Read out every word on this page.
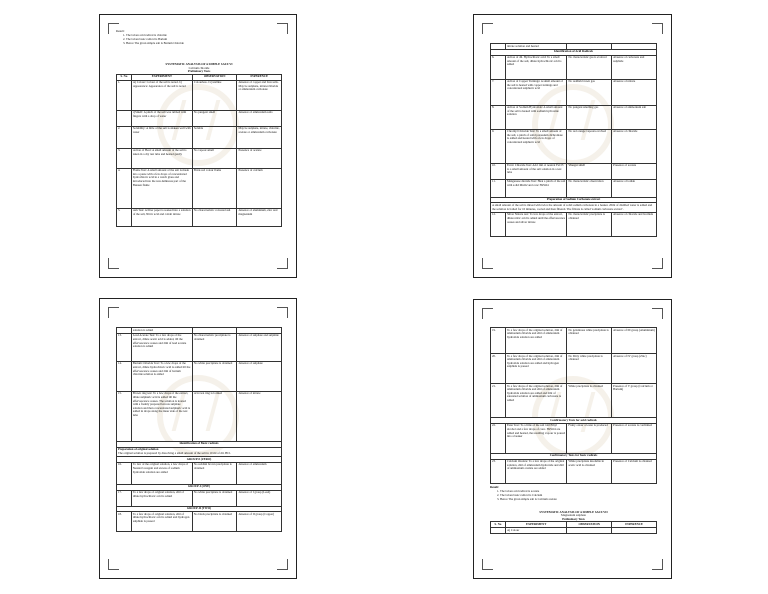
Result:
1. The Given acid radical is chloride
2. The Given basic radical is Barium
3. Hence The given simple salt is Barium Chloride
SYSTEMATIC ANALYSIS OF A SIMPLE SALT-VI
Calcium chloride
Preliminary Tests
S. No	EXPERIMENT	OBSERVATION	INFERENCE
1.	A) Colour: Colour of the salt is noted. b) Appearance: Appearance of the salt is noted	Colourless. Crystalline	Absence of copper and Iron salts. May be sulphate, nitrate/chloride or ammonium carbonate
	c)Smell: A pinch of the salt was rubbed with fingers with a drop of water	No pungent smell	Absence of ammonium salts
2.	Solubility: A little of the salt is shaken well with water	Soluble	May be sulphate, nitrate, chloride, acetate or ammonium carbonate
3.	Action of Heat: A small amount of the salt is taken in a dry test tube and heated gently	No vapour smell	Presence of acetate
4.	Flame Test: A small amount of the salt is made into a paste with a few drops of concentrated hydrochloric acid in a watch glass and introduced into the non-luminous part of the Bunsen flame	Brick red colour flame	Presence of calcium
5.	Ash Test: A filter paper is soaked into a solution of the salt, Nitric acid and cobalt nitrate	No characteristic coloured ash	Absence of aluminium, zinc and magnesium
	nitrate solution and heated		
Identification of Acid Radicals			
6.	Action of dil. Hydrochloric acid: To a small amount of the salt, dilute hydrochloric acid is added	No characteristic gas is evolved	Absence of carbonate and sulphide
7.	Action of Copper Turnings: A small amount of the salt is heated with copper turnings and concentrated sulphuric acid	No reddish brown gas	Absence of nitrate
8.	Action of Sodium Hydroxide: A small amount of the salt is heated with sodium hydroxide solution	No pungent smelling gas	Absence of ammonium salt
9.	Chromyl Chloride Test: To a small amount of the salt, a pinch of solid potassium dichromate is added and heated with a few drops of concentrated sulphuric acid	No red orange vapours evolved	Absence of chloride
10.	Ferric Chloride Test: Add 1ml of neutral FeCl3 to a small amount of the salt solution in a test tube	Vinegar smell	Presence of acetate
11.	Manganese dioxide Test: Heat a pinch of the salt with solid MnO2 and conc H2SO4	No characteristic observation	Absence of iodide
Preparation of Sodium Carbonate extract			
A small amount of the salt is mixed with twice the amount of solid sodium carbonate in a beaker. 20ml of distilled water is added and the solution is boiled for 10 minutes, cooled and then filtered. The filtrate is called 'sodium carbonate extract'.			
12.	Silver Nitrate test: To few drops of the extract, dilute nitric acid is added until the effervescence ceases and silver nitrate	No characteristic precipitate is obtained	Absence of chloride and bromide
	solution is added		
13.	Lead Acetate Test: To a few drops of the extract, dilute acetic acid is added, till the effervescence ceases and 2ml of lead acetate solution is added	No characteristic precipitate is obtained	Absence of sulphate and sulphide
14.	Barium Chloride Test: To a few drops of the extract, dilute hydrochloric acid is added till the effervescence ceases and 2ml of barium chloride solution is added	No white precipitate is obtained	Absence of sulphate
15.	Brown ring test: To a few drops of the extract, dilute sulphuric acid is added till the effervescence ceases. The solution is treated with a freshly prepared ferrous sulphate solution and then concentrated sulphuric acid is added in drops along the inner side of the test tube	A brown ring is formed	Absence of nitrate
Identification of Basic radicals			

Preparation of original solution
The original solution is prepared by dissolving a small amount of the salt in 10 ml of dil. HCl.			

GROUP-0 (ZERO)			
16.	To few of the original solution, a few drops of Nessler's reagent and excess of sodium hydroxide solution are added	No reddish brown precipitate is obtained	Absence of ammonium
GROUP-I (ONE)			
17.	To a few drops of original solution, 2ml of dilute hydrochloric acid is added	No white precipitate is obtained	Absence of I group (Lead)
GROUP-II (TWO)			
18.	To a few drops of original solution, 2ml of dilute hydrochloric acid is added and hydrogen sulphide is passed	No black precipitate is obtained	Absence of II group (Copper)
19.	To a few drops of the original solution, 2ml of ammonium chloride and 2ml of ammonium hydroxide solution are added	No gelatinous white precipitate is obtained	Absence of III group (Aluminium)
20.	To a few drops of the original solution, 2ml of ammonium chloride and 2ml of ammonium hydroxide solution are added and hydrogen sulphide is passed	No Dirty white precipitate is obtained	Absence of IV group (Zinc)
21.	To a few drops of the original solution, 2ml of ammonium chloride and 2ml of ammonium hydroxide solution are added and 2ml of saturated solution of ammonium carbonate is added	White precipitate is obtained	Presence of V group (Calcium or Barium)
Confirmatory Tests for acid radicals			
22.	Ester Test: To a little of the salt 1ml Ethyl alcohol and a few drops of conc. H2SO4 are added and heated, the resulting vapour is poured into a beaker	Fruity odour of ester is produced	Presence of acetate is confirmed
Confirmatory Tests for basic radicals			
23.	Calcium Oxalate: To a few drops of the original solution, 2ml of ammonium hydroxide and 2ml of ammonium oxalate are added	White precipitate insoluble in acetic acid is obtained	Presence of Calcium is obtained
Result:
1. The Given acid radical is acetate
2. The Given basic radical is Calcium
3. Hence The given simple salt is Calcium acetate
SYSTEMATIC ANALYSIS OF A SIMPLE SALT-VII
Magnesium sulphate
Preliminary Tests
S. No	EXPERIMENT	OBSERVATION	INFERENCE
	A) Colour		
